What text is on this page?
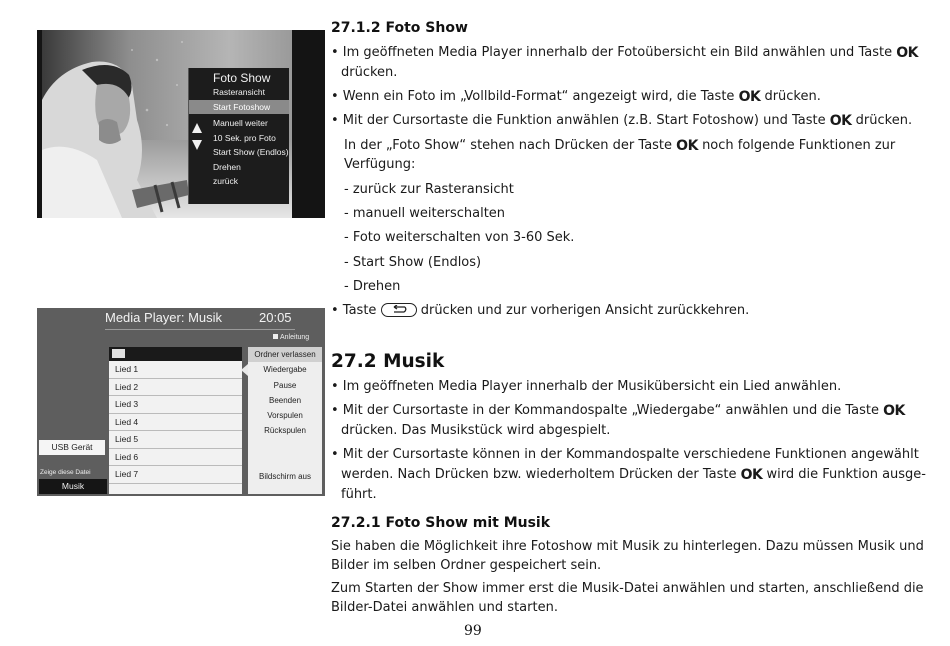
Foto Show
Rasteransicht
Start Fotoshow
Manuell weiter
10 Sek. pro Foto
Start Show (Endlos)
Drehen
zurück
Media Player: Musik	20:05
Anleitung
Lied 1
Lied 2
Lied 3
Lied 4
Lied 5
Lied 6
Lied 7
Ordner verlassen
Wiedergabe
Pause
Beenden
Vorspulen
Rückspulen
Bildschirm aus
USB Gerät
Zeige diese Datei
Musik
27.1.2 Foto Show
• Im geöffneten Media Player innerhalb der Fotoübersicht ein Bild anwählen und Taste OK
drücken.
• Wenn ein Foto im „Vollbild-Format“ angezeigt wird, die Taste OK drücken.
• Mit der Cursortaste die Funktion anwählen (z.B. Start Fotoshow) und Taste OK drücken.
In der „Foto Show“ stehen nach Drücken der Taste OK noch folgende Funktionen zur
Verfügung:
- zurück zur Rasteransicht
- manuell weiterschalten
- Foto weiterschalten von 3-60 Sek.
- Start Show (Endlos)
- Drehen
• Taste	drücken und zur vorherigen Ansicht zurückkehren.
27.2 Musik
• Im geöffneten Media Player innerhalb der Musikübersicht ein Lied anwählen.
• Mit der Cursortaste in der Kommandospalte „Wiedergabe“ anwählen und die Taste OK
drücken. Das Musikstück wird abgespielt.
• Mit der Cursortaste können in der Kommandospalte verschiedene Funktionen angewählt
werden. Nach Drücken bzw. wiederholtem Drücken der Taste OK wird die Funktion ausge-
führt.
27.2.1 Foto Show mit Musik
Sie haben die Möglichkeit ihre Fotoshow mit Musik zu hinterlegen. Dazu müssen Musik und
Bilder im selben Ordner gespeichert sein.
Zum Starten der Show immer erst die Musik-Datei anwählen und starten, anschließend die
Bilder-Datei anwählen und starten.
99
